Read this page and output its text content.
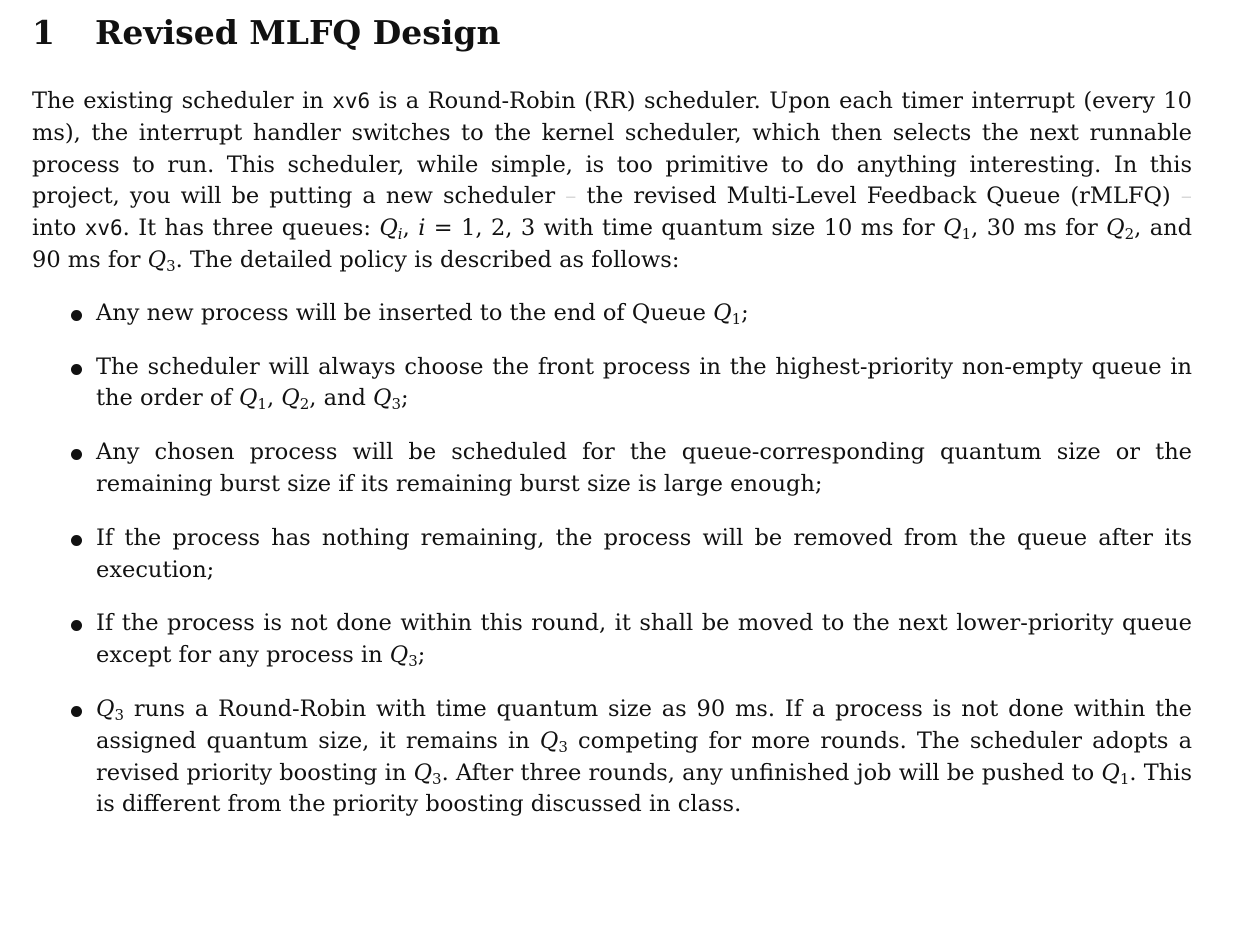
1 Revised MLFQ Design

The existing scheduler in xv6 is a Round-Robin (RR) scheduler. Upon each timer interrupt (every 10 ms), the interrupt handler switches to the kernel scheduler, which then selects the next runnable process to run. This scheduler, while simple, is too primitive to do anything interesting. In this project, you will be putting a new scheduler – the revised Multi-Level Feedback Queue (rMLFQ) – into xv6. It has three queues: $Q_i$, i = 1, 2, 3 with time quantum size 10 ms for $Q_1$, 30 ms for $Q_2$, and 90 ms for $Q_3$. The detailed policy is described as follows:

Any new process will be inserted to the end of Queue $Q_1$;
The scheduler will always choose the front process in the highest-priority non-empty queue in the order of $Q_1$, $Q_2$, and $Q_3$;
Any chosen process will be scheduled for the queue-corresponding quantum size or the remaining burst size if its remaining burst size is large enough;
If the process has nothing remaining, the process will be removed from the queue after its execution;
If the process is not done within this round, it shall be moved to the next lower-priority queue except for any process in $Q_3$;
$Q_3$ runs a Round-Robin with time quantum size as 90 ms. If a process is not done within the assigned quantum size, it remains in $Q_3$ competing for more rounds. The scheduler adopts a revised priority boosting in $Q_3$. After three rounds, any unfinished job will be pushed to $Q_1$. This is different from the priority boosting discussed in class.
